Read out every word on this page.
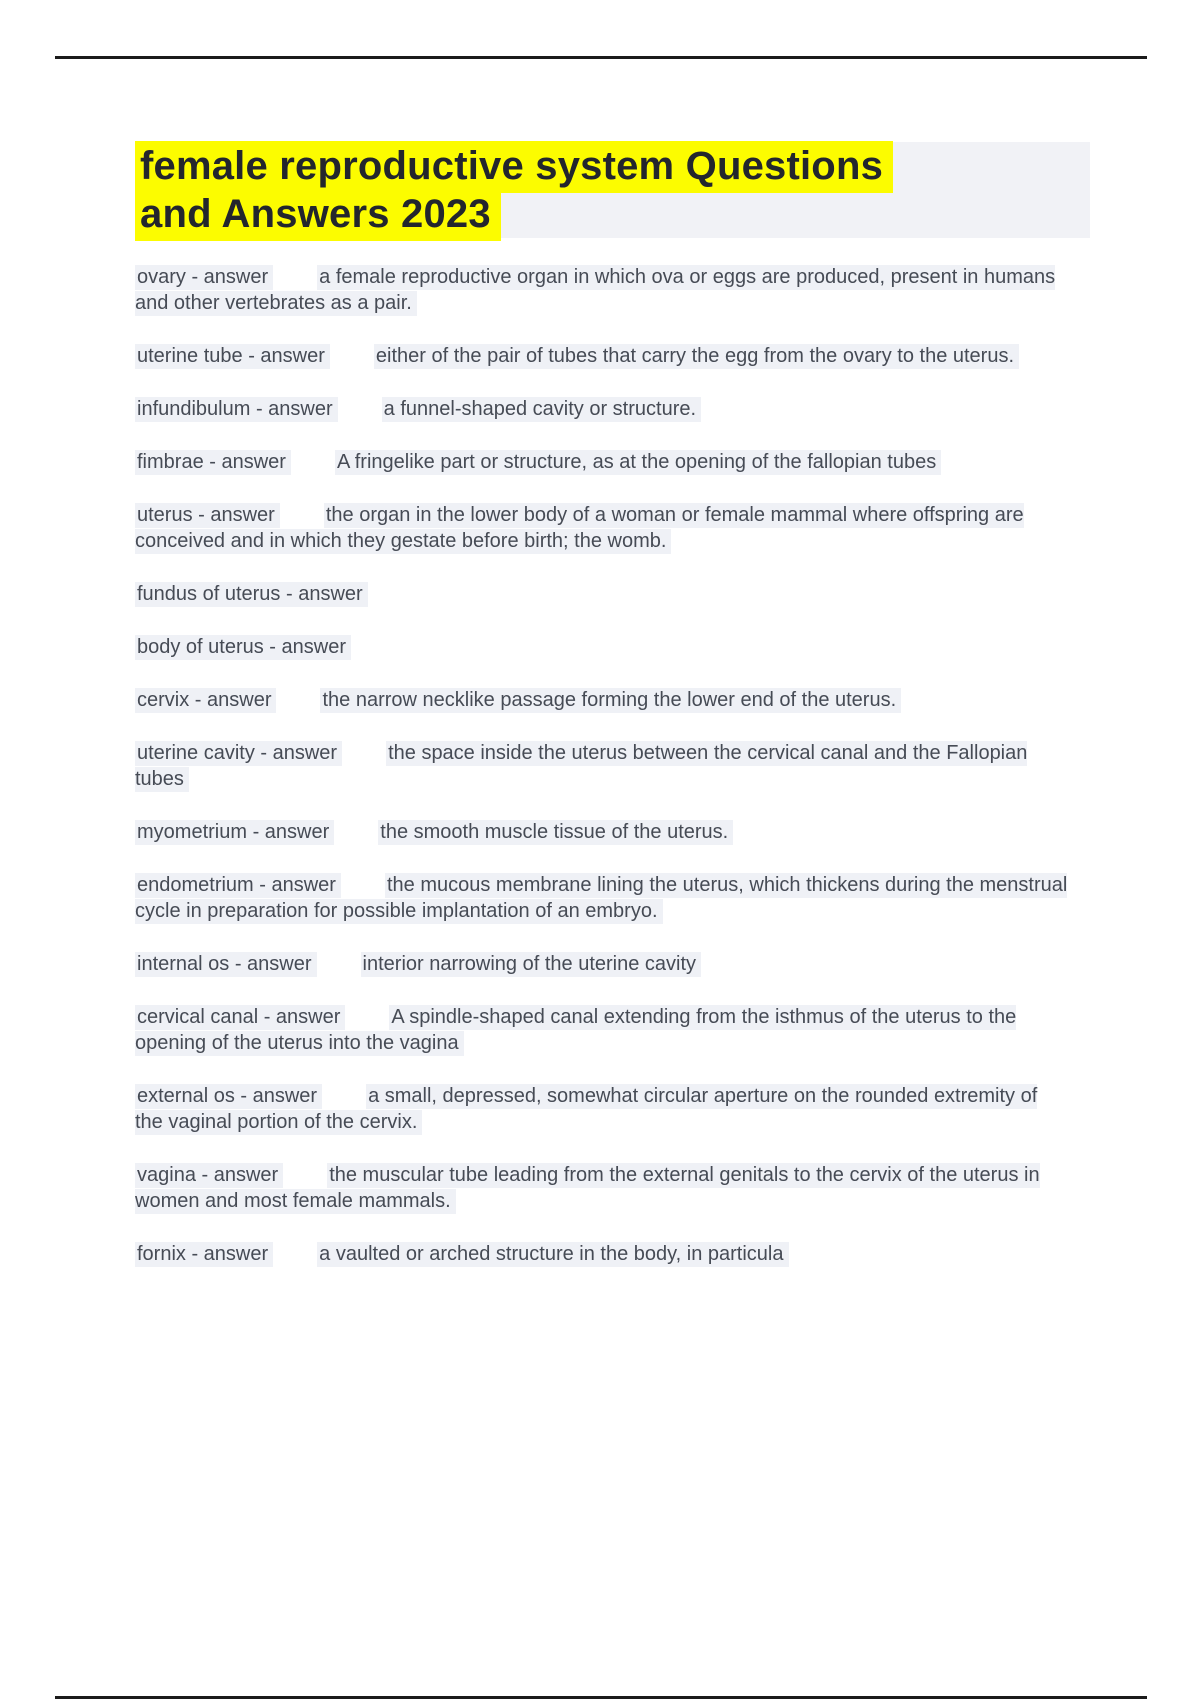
female reproductive system Questions
and Answers 2023

ovary - answer	a female reproductive organ in which ova or eggs are produced, present in humans and other vertebrates as a pair.

uterine tube - answer	either of the pair of tubes that carry the egg from the ovary to the uterus.

infundibulum - answer	a funnel-shaped cavity or structure.

fimbrae - answer	A fringelike part or structure, as at the opening of the fallopian tubes

uterus - answer	the organ in the lower body of a woman or female mammal where offspring are conceived and in which they gestate before birth; the womb.

fundus of uterus - answer

body of uterus - answer

cervix - answer	the narrow necklike passage forming the lower end of the uterus.

uterine cavity - answer	the space inside the uterus between the cervical canal and the Fallopian tubes

myometrium - answer	the smooth muscle tissue of the uterus.

endometrium - answer	the mucous membrane lining the uterus, which thickens during the menstrual cycle in preparation for possible implantation of an embryo.

internal os - answer	interior narrowing of the uterine cavity

cervical canal - answer	A spindle-shaped canal extending from the isthmus of the uterus to the opening of the uterus into the vagina

external os - answer	a small, depressed, somewhat circular aperture on the rounded extremity of the vaginal portion of the cervix.

vagina - answer	the muscular tube leading from the external genitals to the cervix of the uterus in women and most female mammals.

fornix - answer	a vaulted or arched structure in the body, in particula
